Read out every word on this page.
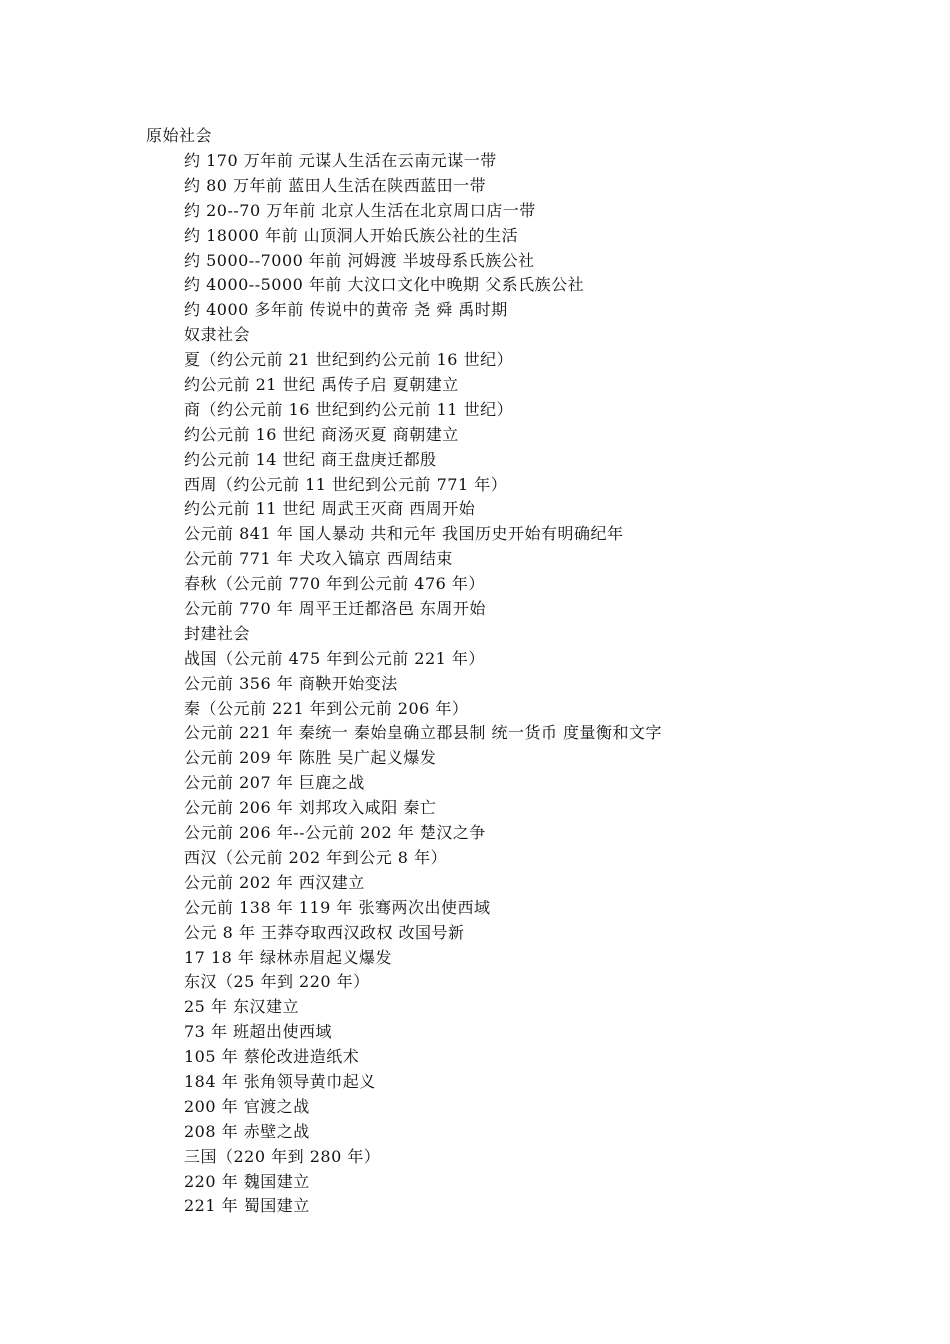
原始社会
约 170 万年前 元谋人生活在云南元谋一带
约 80 万年前 蓝田人生活在陕西蓝田一带
约 20--70 万年前 北京人生活在北京周口店一带
约 18000 年前 山顶洞人开始氏族公社的生活
约 5000--7000 年前 河姆渡 半坡母系氏族公社
约 4000--5000 年前 大汶口文化中晚期 父系氏族公社
约 4000 多年前 传说中的黄帝 尧 舜 禹时期
奴隶社会
夏（约公元前 21 世纪到约公元前 16 世纪）
约公元前 21 世纪 禹传子启 夏朝建立
商（约公元前 16 世纪到约公元前 11 世纪）
约公元前 16 世纪 商汤灭夏 商朝建立
约公元前 14 世纪 商王盘庚迁都殷
西周（约公元前 11 世纪到公元前 771 年）
约公元前 11 世纪 周武王灭商 西周开始
公元前 841 年 国人暴动 共和元年 我国历史开始有明确纪年
公元前 771 年 犬攻入镐京 西周结束
春秋（公元前 770 年到公元前 476 年）
公元前 770 年 周平王迁都洛邑 东周开始
封建社会
战国（公元前 475 年到公元前 221 年）
公元前 356 年 商鞅开始变法
秦（公元前 221 年到公元前 206 年）
公元前 221 年 秦统一 秦始皇确立郡县制 统一货币 度量衡和文字
公元前 209 年 陈胜 吴广起义爆发
公元前 207 年 巨鹿之战
公元前 206 年 刘邦攻入咸阳 秦亡
公元前 206 年--公元前 202 年 楚汉之争
西汉（公元前 202 年到公元 8 年）
公元前 202 年 西汉建立
公元前 138 年 119 年 张骞两次出使西域
公元 8 年 王莽夺取西汉政权 改国号新
17 18 年 绿林赤眉起义爆发
东汉（25 年到 220 年）
25 年 东汉建立
73 年 班超出使西域
105 年 蔡伦改进造纸术
184 年 张角领导黄巾起义
200 年 官渡之战
208 年 赤壁之战
三国（220 年到 280 年）
220 年 魏国建立
221 年 蜀国建立
